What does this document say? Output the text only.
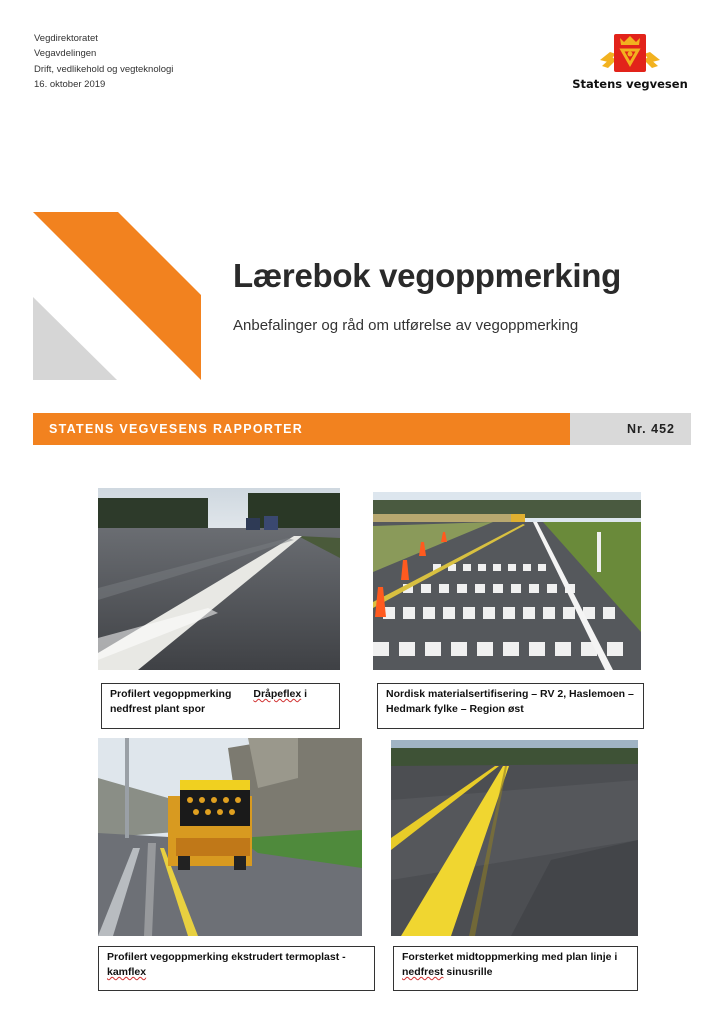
Vegdirektoratet
Vegavdelingen
Drift, vedlikehold og vegteknologi
16. oktober 2019	Statens vegvesen
Lærebok vegoppmerking
Anbefalinger og råd om utførelse av vegoppmerking
STATENS VEGVESENS RAPPORTER	Nr. 452
Profilert vegoppmerking Dråpeflex i
nedfrest plant spor
Nordisk materialsertifisering – RV 2, Haslemoen –
Hedmark fylke – Region øst
Profilert vegoppmerking ekstrudert termoplast -
kamflex
Forsterket midtoppmerking med plan linje i
nedfrest sinusrille
